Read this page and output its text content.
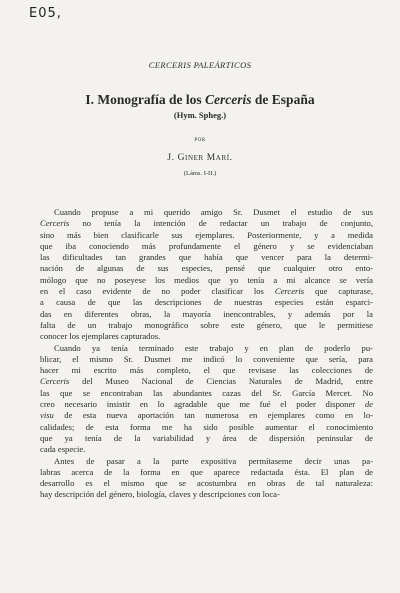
E05,
CERCERIS PALEÁRTICOS
I. Monografía de los Cerceris de España
(Hym. Spheg.)
POR
J. Giner Marí.
(Láms. I-II.)
Cuando propuse a mi querido amigo Sr. Dusmet el estudio de sus
Cerceris no tenía la intención de redactar un trabajo de conjunto,
sino más bien clasificarle sus ejemplares. Posteriormente, y a medida
que iba conociendo más profundamente el género y se evidenciaban
las dificultades tan grandes que había que vencer para la determi-
nación de algunas de sus especies, pensé que cualquier otro ento-
mólogo que no poseyese los medios que yo tenía a mi alcance se vería
en el caso evidente de no poder clasificar los Cerceris que capturase,
a causa de que las descripciones de nuestras especies están esparci-
das en diferentes obras, la mayoría inencontrables, y además por la
falta de un trabajo monográfico sobre este género, que le permitiese
conocer los ejemplares capturados.
Cuando ya tenía terminado este trabajo y en plan de poderlo pu-
blicar, el mismo Sr. Dusmet me indicó lo conveniente que sería, para
hacer mi escrito más completo, el que revisase las colecciones de
Cerceris del Museo Nacional de Ciencias Naturales de Madrid, entre
las que se encontraban las abundantes cazas del Sr. García Mercet. No
creo necesario insistir en lo agradable que me fué el poder disponer de
visu de esta nueva aportación tan numerosa en ejemplares como en lo-
calidades; de esta forma me ha sido posible aumentar el conocimiento
que ya tenía de la variabilidad y área de dispersión peninsular de
cada especie.
Antes de pasar a la parte expositiva permítaseme decir unas pa-
labras acerca de la forma en que aparece redactada ésta. El plan de
desarrollo es el mismo que se acostumbra en obras de tal naturaleza:
hay descripción del género, biología, claves y descripciones con loca-
